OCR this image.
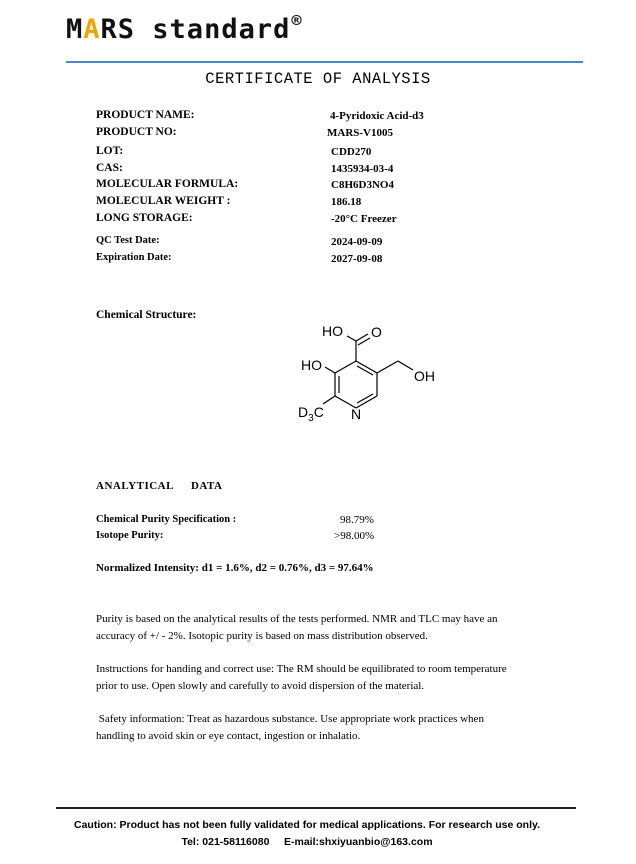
MARS standard®
CERTIFICATE OF ANALYSIS
PRODUCT NAME:	4-Pyridoxic Acid-d3
PRODUCT NO:	MARS-V1005
LOT:	CDD270
CAS:	1435934-03-4
MOLECULAR FORMULA:	C8H6D3NO4
MOLECULAR WEIGHT :	186.18
LONG STORAGE:	-20°C Freezer
QC Test Date:	2024-09-09
Expiration Date:	2027-09-08
Chemical Structure:
HO O
HO
OH
$D_3C$ N
ANALYTICAL DATA
Chemical Purity Specification :	98.79%
Isotope Purity:	>98.00%
Normalized Intensity: d1 = 1.6%, d2 = 0.76%, d3 = 97.64%
Purity is based on the analytical results of the tests performed. NMR and TLC may have an
accuracy of +/ - 2%. Isotopic purity is based on mass distribution observed.
Instructions for handing and correct use: The RM should be equilibrated to room temperature
prior to use. Open slowly and carefully to avoid dispersion of the material.
Safety information: Treat as hazardous substance. Use appropriate work practices when
handling to avoid skin or eye contact, ingestion or inhalatio.
Caution: Product has not been fully validated for medical applications. For research use only.
Tel: 021-58116080     E-mail:shxiyuanbio@163.com
